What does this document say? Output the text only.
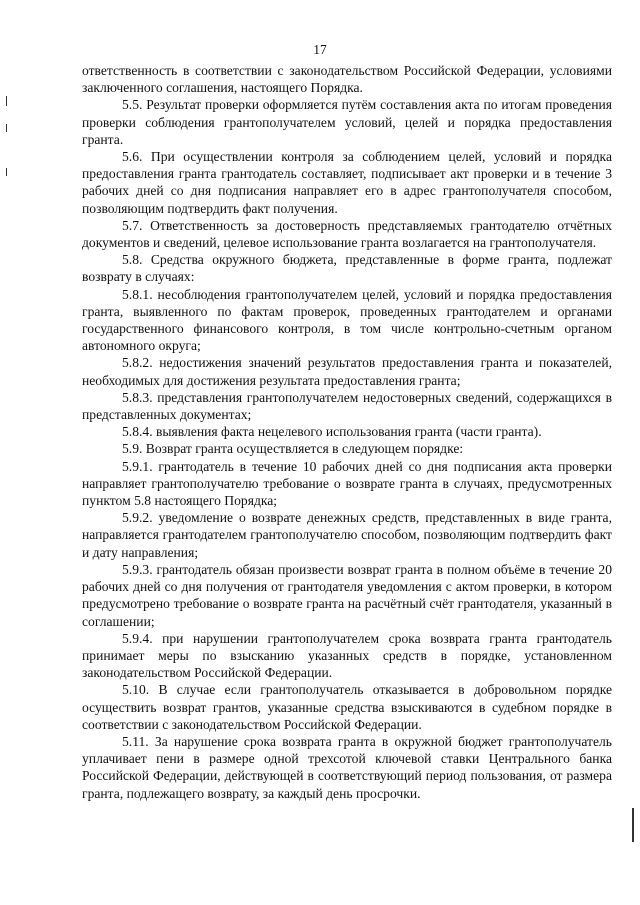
17

ответственность в соответствии с законодательством Российской Федерации, условиями заключенного соглашения, настоящего Порядка.

5.5. Результат проверки оформляется путём составления акта по итогам проведения проверки соблюдения грантополучателем условий, целей и порядка предоставления гранта.

5.6. При осуществлении контроля за соблюдением целей, условий и порядка предоставления гранта грантодатель составляет, подписывает акт проверки и в течение 3 рабочих дней со дня подписания направляет его в адрес грантополучателя способом, позволяющим подтвердить факт получения.

5.7. Ответственность за достоверность представляемых грантодателю отчётных документов и сведений, целевое использование гранта возлагается на грантополучателя.

5.8. Средства окружного бюджета, представленные в форме гранта, подлежат возврату в случаях:

5.8.1. несоблюдения грантополучателем целей, условий и порядка предоставления гранта, выявленного по фактам проверок, проведенных грантодателем и органами государственного финансового контроля, в том числе контрольно-счетным органом автономного округа;

5.8.2. недостижения значений результатов предоставления гранта и показателей, необходимых для достижения результата предоставления гранта;

5.8.3. представления грантополучателем недостоверных сведений, содержащихся в представленных документах;

5.8.4. выявления факта нецелевого использования гранта (части гранта).

5.9. Возврат гранта осуществляется в следующем порядке:

5.9.1. грантодатель в течение 10 рабочих дней со дня подписания акта проверки направляет грантополучателю требование о возврате гранта в случаях, предусмотренных пунктом 5.8 настоящего Порядка;

5.9.2. уведомление о возврате денежных средств, представленных в виде гранта, направляется грантодателем грантополучателю способом, позволяющим подтвердить факт и дату направления;

5.9.3. грантодатель обязан произвести возврат гранта в полном объёме в течение 20 рабочих дней со дня получения от грантодателя уведомления с актом проверки, в котором предусмотрено требование о возврате гранта на расчётный счёт грантодателя, указанный в соглашении;

5.9.4. при нарушении грантополучателем срока возврата гранта грантодатель принимает меры по взысканию указанных средств в порядке, установленном законодательством Российской Федерации.

5.10. В случае если грантополучатель отказывается в добровольном порядке осуществить возврат грантов, указанные средства взыскиваются в судебном порядке в соответствии с законодательством Российской Федерации.

5.11. За нарушение срока возврата гранта в окружной бюджет грантополучатель уплачивает пени в размере одной трехсотой ключевой ставки Центрального банка Российской Федерации, действующей в соответствующий период пользования, от размера гранта, подлежащего возврату, за каждый день просрочки.
